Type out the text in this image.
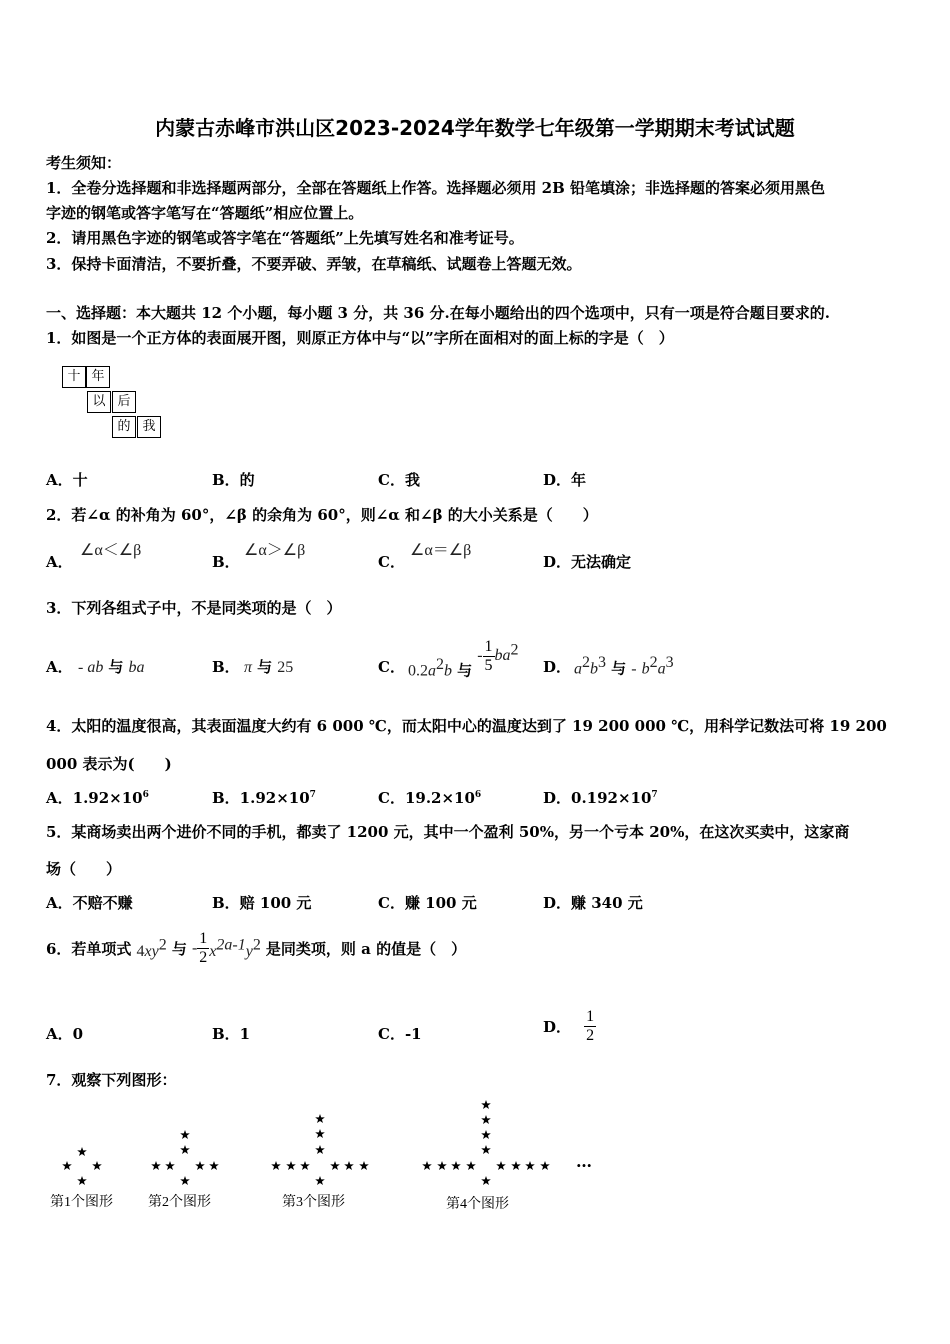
内蒙古赤峰市洪山区2023-2024学年数学七年级第一学期期末考试试题
考生须知：
1．全卷分选择题和非选择题两部分，全部在答题纸上作答。选择题必须用 2B 铅笔填涂；非选择题的答案必须用黑色
字迹的钢笔或答字笔写在“答题纸”相应位置上。
2．请用黑色字迹的钢笔或答字笔在“答题纸”上先填写姓名和准考证号。
3．保持卡面清洁，不要折叠，不要弄破、弄皱，在草稿纸、试题卷上答题无效。
一、选择题：本大题共 12 个小题，每小题 3 分，共 36 分.在每小题给出的四个选项中，只有一项是符合题目要求的.
1．如图是一个正方体的表面展开图，则原正方体中与“以”字所在面相对的面上标的字是（　）
十 年
以 后
的 我
A．十	B．的	C．我	D．年
2．若∠α 的补角为 60°，∠β 的余角为 60°，则∠α 和∠β 的大小关系是（　　）
A．
∠α＜∠β
B．
∠α＞∠β
C．
∠α＝∠β
D．无法确定
3．下列各组式子中，不是同类项的是（　）
A． - ab 与 ba	B． π 与 25	C． $0.2a^2b$ 与 - $\frac{1}{5} ba^2$
D． $a^2b^3$ 与 - $b^2a^3$
4．太阳的温度很高，其表面温度大约有 6 000 ℃，而太阳中心的温度达到了 19 200 000 ℃，用科学记数法可将 19 200
000 表示为(　　)
A．$1.92\times 10^6$	B．$1.92\times 10^7$	C．$19.2\times 10^6$	D．$0.192\times 10^7$
5．某商场卖出两个进价不同的手机，都卖了 1200 元，其中一个盈利 50%，另一个亏本 20%，在这次买卖中，这家商
场（　　）
A．不赔不赚	B．赔 100 元	C．赚 100 元	D．赚 340 元
6．若单项式 $4xy^2$ 与 - $\frac{1}{2} x^{2a-1}y^2$ 是同类项，则 a 的值是（　）
A．0	B．1	C．-1	D． $\frac{1}{2}$
7．观察下列图形：
…
第1个图形	第2个图形	第3个图形	第4个图形
